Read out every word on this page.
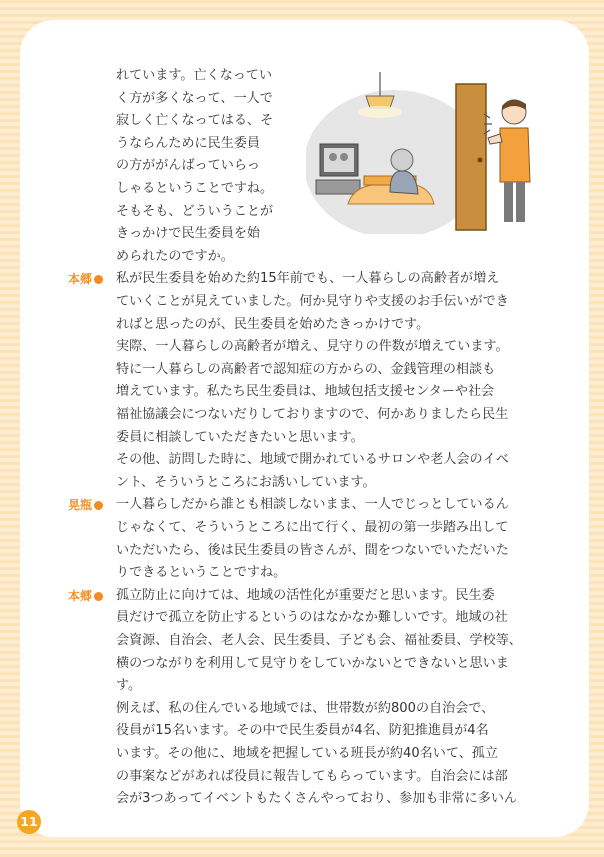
れています。亡くなってい
く方が多くなって、一人で
寂しく亡くなってはる、そ
うならんために民生委員
の方ががんばっていらっ
しゃるということですね。
そもそも、どういうことが
きっかけで民生委員を始
められたのですか。
本郷	私が民生委員を始めた約15年前でも、一人暮らしの高齢者が増え
ていくことが見えていました。何か見守りや支援のお手伝いができ
ればと思ったのが、民生委員を始めたきっかけです。
実際、一人暮らしの高齢者が増え、見守りの件数が増えています。
特に一人暮らしの高齢者で認知症の方からの、金銭管理の相談も
増えています。私たち民生委員は、地域包括支援センターや社会
福祉協議会につないだりしておりますので、何かありましたら民生
委員に相談していただきたいと思います。
その他、訪問した時に、地域で開かれているサロンや老人会のイベ
ント、そういうところにお誘いしています。
晃瓶	一人暮らしだから誰とも相談しないまま、一人でじっとしているん
じゃなくて、そういうところに出て行く、最初の第一歩踏み出して
いただいたら、後は民生委員の皆さんが、間をつないでいただいた
りできるということですね。
本郷	孤立防止に向けては、地域の活性化が重要だと思います。民生委
員だけで孤立を防止するというのはなかなか難しいです。地域の社
会資源、自治会、老人会、民生委員、子ども会、福祉委員、学校等、
横のつながりを利用して見守りをしていかないとできないと思いま
す。
例えば、私の住んでいる地域では、世帯数が約800の自治会で、
役員が15名います。その中で民生委員が4名、防犯推進員が4名
います。その他に、地域を把握している班長が約40名いて、孤立
の事案などがあれば役員に報告してもらっています。自治会には部
会が3つあってイベントもたくさんやっており、参加も非常に多いん
11
